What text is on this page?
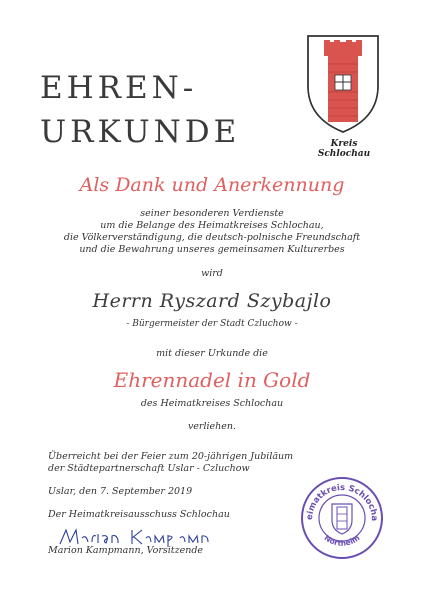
EHREN-
URKUNDE	Kreis Schlochau
Als Dank und Anerkennung
seiner besonderen Verdienste
um die Belange des Heimatkreises Schlochau,
die Völkerverständigung, die deutsch-polnische Freundschaft
und die Bewahrung unseres gemeinsamen Kulturerbes
wird
Herrn Ryszard Szybajlo
- Bürgermeister der Stadt Czluchow -
mit dieser Urkunde die
Ehrennadel in Gold
des Heimatkreises Schlochau
verliehen.
Überreicht bei der Feier zum 20-jährigen Jubiläum
der Städtepartnerschaft Uslar - Czluchow
Uslar, den 7. September 2019
Der Heimatkreisausschuss Schlochau
Marion Kampmann, Vorsitzende
eimatkreis Schlocha
Northeim
